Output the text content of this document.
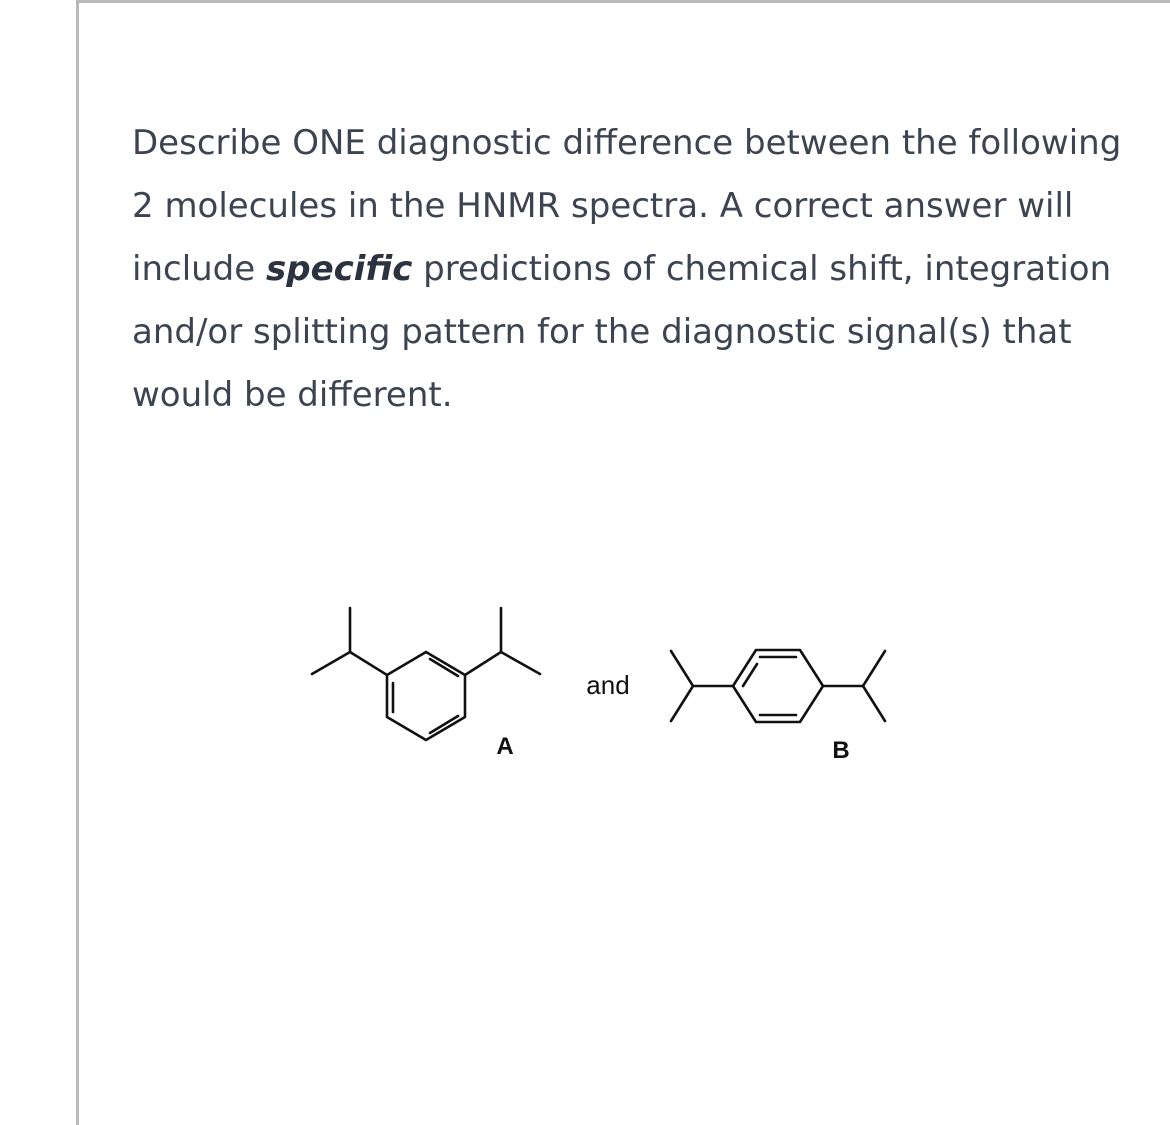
Describe ONE diagnostic difference between the following 2 molecules in the HNMR spectra. A correct answer will include specific predictions of chemical shift, integration and/or splitting pattern for the diagnostic signal(s) that would be different.
A
and
B
